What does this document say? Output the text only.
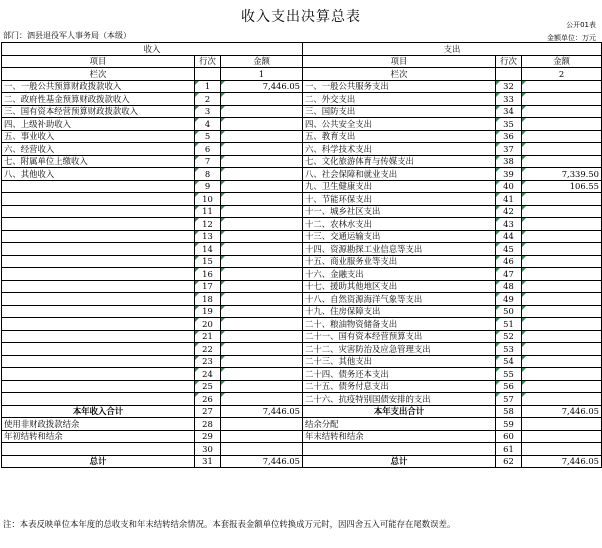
收入支出决算总表	公开01表
部门：泗县退役军人事务局（本级）	金额单位：万元
收入			支出		
项目	行次	金额	项目	行次	金额
栏次		1	栏次		2
一、一般公共预算财政拨款收入	1	7,446.05	一、一般公共服务支出	32	
二、政府性基金预算财政拨款收入	2		二、外交支出	33	
三、国有资本经营预算财政拨款收入	3		三、国防支出	34	
四、上级补助收入	4		四、公共安全支出	35	
五、事业收入	5		五、教育支出	36	
六、经营收入	6		六、科学技术支出	37	
七、附属单位上缴收入	7		七、文化旅游体育与传媒支出	38	
八、其他收入	8		八、社会保障和就业支出	39	7,339.50
	9		九、卫生健康支出	40	106.55
	10		十、节能环保支出	41	
	11		十一、城乡社区支出	42	
	12		十二、农林水支出	43	
	13		十三、交通运输支出	44	
	14		十四、资源勘探工业信息等支出	45	
	15		十五、商业服务业等支出	46	
	16		十六、金融支出	47	
	17		十七、援助其他地区支出	48	
	18		十八、自然资源海洋气象等支出	49	
	19		十九、住房保障支出	50	
	20		二十、粮油物资储备支出	51	
	21		二十一、国有资本经营预算支出	52	
	22		二十二、灾害防治及应急管理支出	53	
	23		二十三、其他支出	54	
	24		二十四、债务还本支出	55	
	25		二十五、债务付息支出	56	
	26		二十六、抗疫特别国债安排的支出	57	
本年收入合计	27	7,446.05	本年支出合计	58	7,446.05
使用非财政拨款结余	28		结余分配	59	
年初结转和结余	29		年末结转和结余	60	
	30			61	
总计	31	7,446.05	总计	62	7,446.05
注：本表反映单位本年度的总收支和年末结转结余情况。本套报表金额单位转换成万元时，因四舍五入可能存在尾数误差。
